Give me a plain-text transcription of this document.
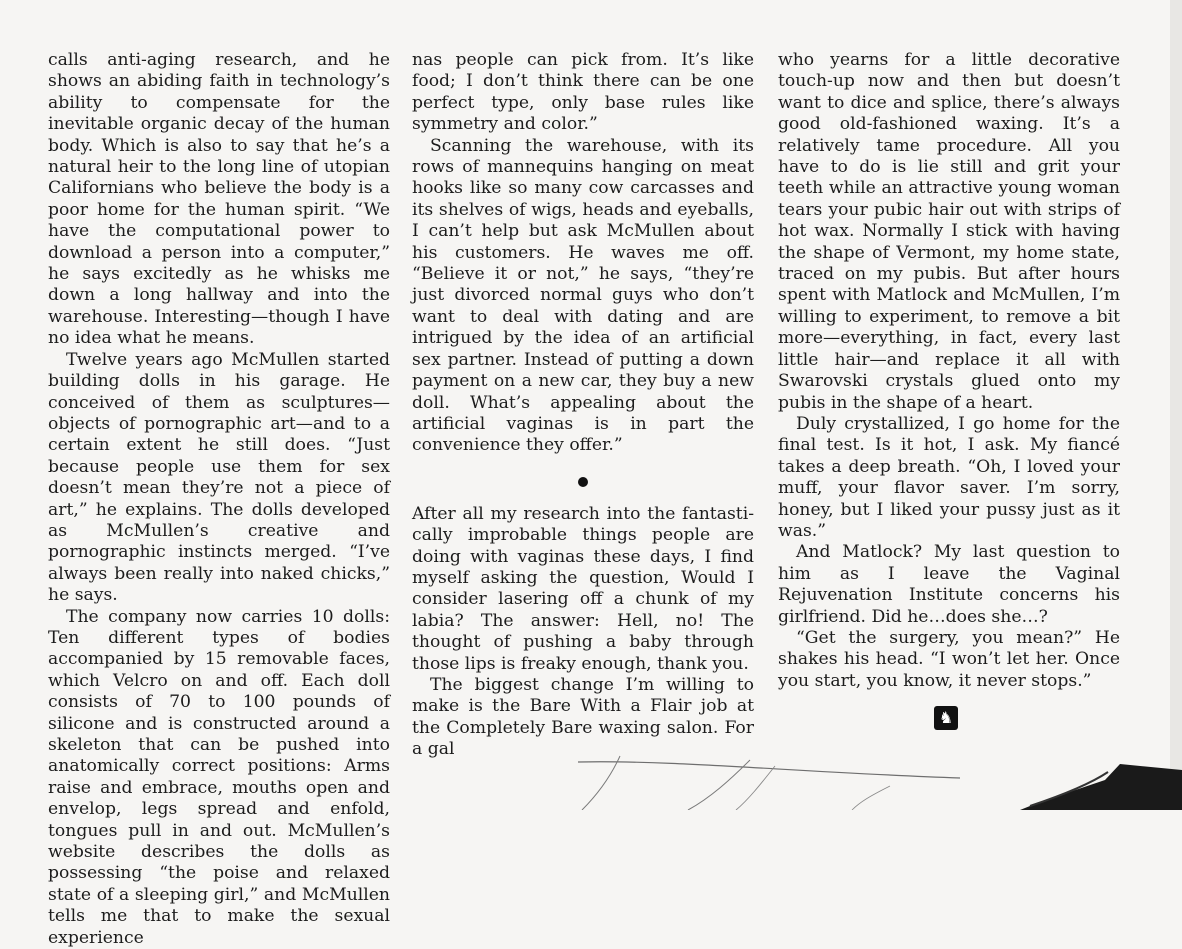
calls anti-aging research, and he shows an abiding faith in technology’s ability to compensate for the inevitable organic decay of the human body. Which is also to say that he’s a natural heir to the long line of utopian Californians who believe the body is a poor home for the human spirit. “We have the computational power to download a person into a computer,” he says excitedly as he whisks me down a long hallway and into the warehouse. Interesting—though I have no idea what he means.

Twelve years ago McMullen started building dolls in his garage. He conceived of them as sculptures—objects of pornographic art—and to a certain extent he still does. “Just because people use them for sex doesn’t mean they’re not a piece of art,” he explains. The dolls developed as McMullen’s creative and pornographic instincts merged. “I’ve always been really into naked chicks,” he says.

The company now carries 10 dolls: Ten different types of bodies accompanied by 15 removable faces, which Velcro on and off. Each doll consists of 70 to 100 pounds of silicone and is constructed around a skeleton that can be pushed into anatomically correct positions: Arms raise and embrace, mouths open and envelop, legs spread and enfold, tongues pull in and out. McMullen’s website describes the dolls as possessing “the poise and relaxed state of a sleeping girl,” and McMullen tells me that to make the sexual experience

nas people can pick from. It’s like food; I don’t think there can be one perfect type, only base rules like symmetry and color.”

Scanning the warehouse, with its rows of mannequins hanging on meat hooks like so many cow carcasses and its shelves of wigs, heads and eyeballs, I can’t help but ask McMullen about his customers. He waves me off. “Believe it or not,” he says, “they’re just divorced normal guys who don’t want to deal with dating and are intrigued by the idea of an artificial sex partner. Instead of putting a down payment on a new car, they buy a new doll. What’s appealing about the artificial vaginas is in part the convenience they offer.”

After all my research into the fantastically improbable things people are doing with vaginas these days, I find myself asking the question, Would I consider lasering off a chunk of my labia? The answer: Hell, no! The thought of pushing a baby through those lips is freaky enough, thank you.

The biggest change I’m willing to make is the Bare With a Flair job at the Completely Bare waxing salon. For a gal

who yearns for a little decorative touch-up now and then but doesn’t want to dice and splice, there’s always good old-fashioned waxing. It’s a relatively tame procedure. All you have to do is lie still and grit your teeth while an attractive young woman tears your pubic hair out with strips of hot wax. Normally I stick with having the shape of Vermont, my home state, traced on my pubis. But after hours spent with Matlock and McMullen, I’m willing to experiment, to remove a bit more—everything, in fact, every last little hair—and replace it all with Swarovski crystals glued onto my pubis in the shape of a heart.

Duly crystallized, I go home for the final test. Is it hot, I ask. My fiancé takes a deep breath. “Oh, I loved your muff, your flavor saver. I’m sorry, honey, but I liked your pussy just as it was.”

And Matlock? My last question to him as I leave the Vaginal Rejuvenation Institute concerns his girlfriend. Did he…does she…?

“Get the surgery, you mean?” He shakes his head. “I won’t let her. Once you start, you know, it never stops.”

♞
